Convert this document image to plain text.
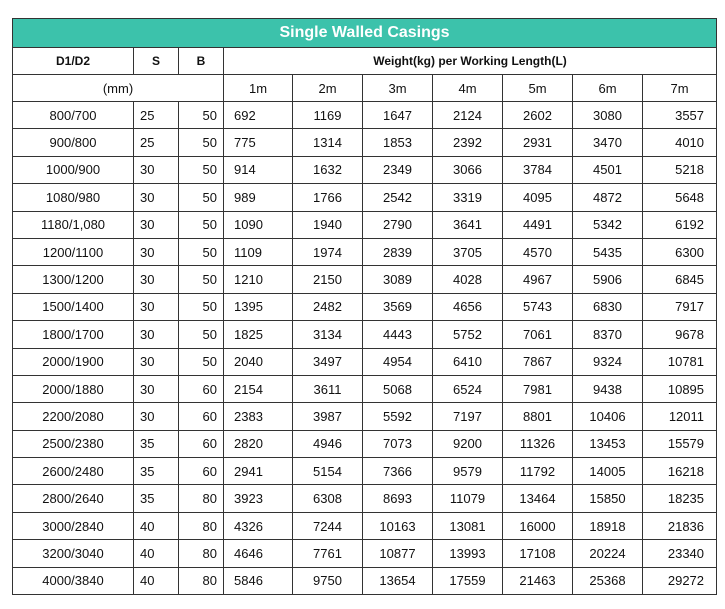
Single Walled Casings									
D1/D2	S	B	Weight(kg) per Working Length(L)						
(mm)			1m	2m	3m	4m	5m	6m	7m
800/700	25	50	692	1169	1647	2124	2602	3080	3557
900/800	25	50	775	1314	1853	2392	2931	3470	4010
1000/900	30	50	914	1632	2349	3066	3784	4501	5218
1080/980	30	50	989	1766	2542	3319	4095	4872	5648
1180/1,080	30	50	1090	1940	2790	3641	4491	5342	6192
1200/1100	30	50	1109	1974	2839	3705	4570	5435	6300
1300/1200	30	50	1210	2150	3089	4028	4967	5906	6845
1500/1400	30	50	1395	2482	3569	4656	5743	6830	7917
1800/1700	30	50	1825	3134	4443	5752	7061	8370	9678
2000/1900	30	50	2040	3497	4954	6410	7867	9324	10781
2000/1880	30	60	2154	3611	5068	6524	7981	9438	10895
2200/2080	30	60	2383	3987	5592	7197	8801	10406	12011
2500/2380	35	60	2820	4946	7073	9200	11326	13453	15579
2600/2480	35	60	2941	5154	7366	9579	11792	14005	16218
2800/2640	35	80	3923	6308	8693	11079	13464	15850	18235
3000/2840	40	80	4326	7244	10163	13081	16000	18918	21836
3200/3040	40	80	4646	7761	10877	13993	17108	20224	23340
4000/3840	40	80	5846	9750	13654	17559	21463	25368	29272
